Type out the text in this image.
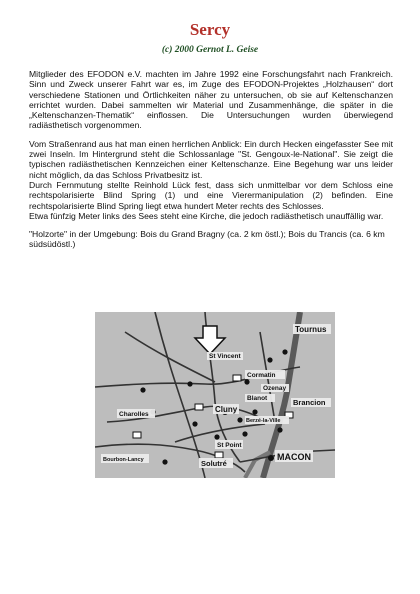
Sercy
(c) 2000 Gernot L. Geise

Mitglieder des EFODON e.V. machten im Jahre 1992 eine Forschungsfahrt nach Frankreich. Sinn und Zweck unserer Fahrt war es, im Zuge des EFODON-Projektes „Holzhausen“ dort verschiedene Stationen und Örtlichkeiten näher zu untersuchen, ob sie auf Keltenschanzen errichtet wurden. Dabei sammelten wir Material und Zusammenhänge, die später in die „Keltenschanzen-Thematik“ einflossen. Die Untersuchungen wurden überwiegend radiästhetisch vorgenommen.

Vom Straßenrand aus hat man einen herrlichen Anblick: Ein durch Hecken eingefasster See mit zwei Inseln. Im Hintergrund steht die Schlossanlage "St. Gengoux-le-National". Sie zeigt die typischen radiästhetischen Kennzeichen einer Keltenschanze. Eine Begehung war uns leider nicht möglich, da das Schloss Privatbesitz ist.
Durch Fernmutung stellte Reinhold Lück fest, dass sich unmittelbar vor dem Schloss eine rechtspolarisierte Blind Spring (1) und eine Vierermanipulation (2) befinden. Eine rechtspolarisierte Blind Spring liegt etwa hundert Meter rechts des Schlosses.
Etwa fünfzig Meter links des Sees steht eine Kirche, die jedoch radiästhetisch unauffällig war.

"Holzorte" in der Umgebung: Bois du Grand Bragny (ca. 2 km östl.); Bois du Trancis (ca. 6 km südsüdöstl.)

St Vincent
Tournus
Cormatin
Brancion
Ozenay
Blanot
Cluny
Berzé-la-Ville
Charolles
St Point
Solutré
MACON
Bourbon-Lancy
